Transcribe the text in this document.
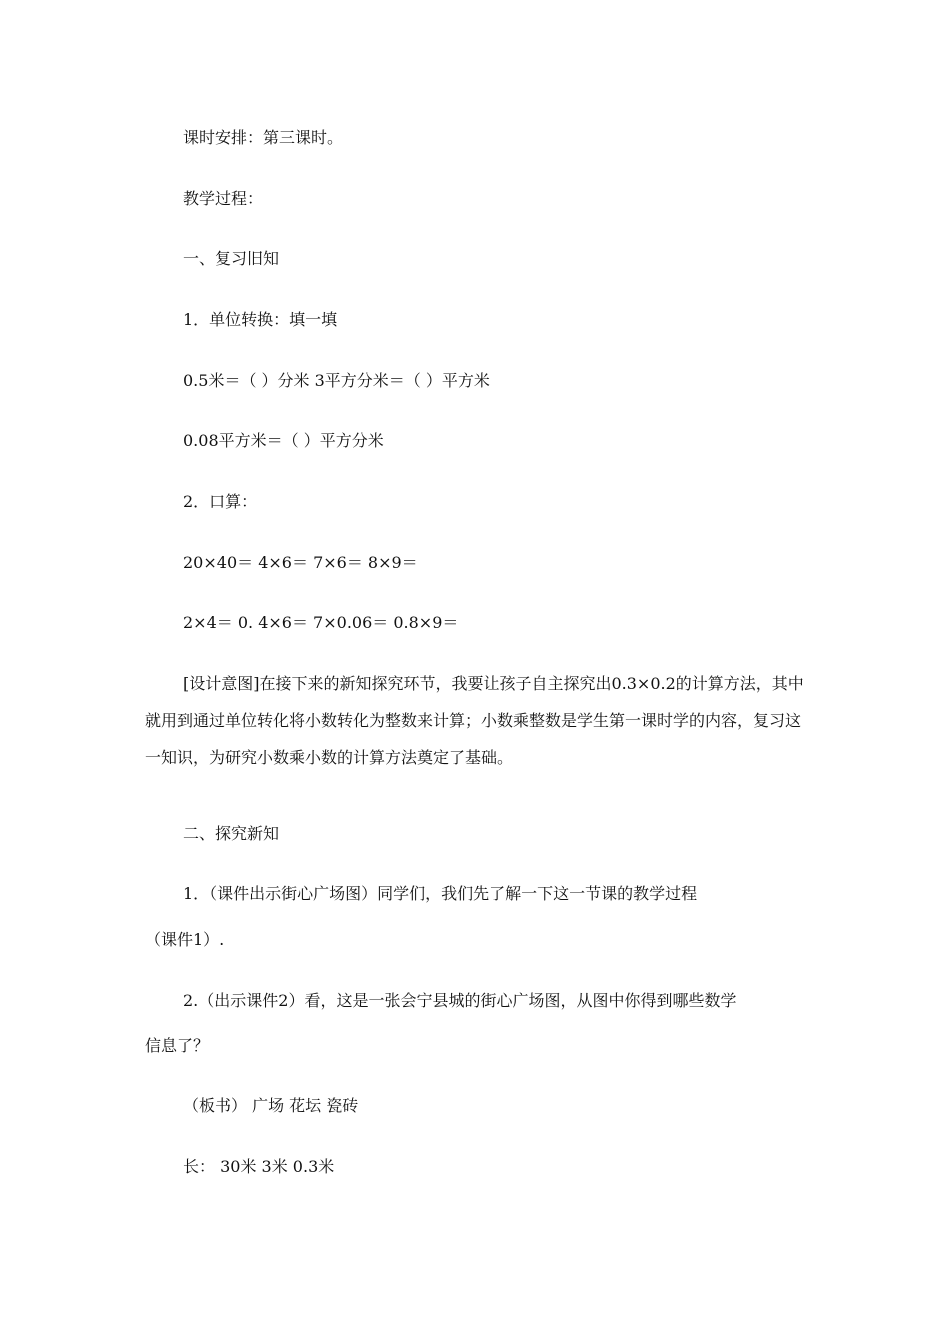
课时安排：第三课时。
教学过程：
一、复习旧知
1．单位转换：填一填
0.5米＝（ ）分米 3平方分米＝（ ）平方米
0.08平方米＝（ ）平方分米
2．口算：
20×40＝ 4×6＝ 7×6＝ 8×9＝
2×4＝ 0. 4×6＝ 7×0.06＝ 0.8×9＝
[设计意图]在接下来的新知探究环节，我要让孩子自主探究出0.3×0.2的计算方法，其中就用到通过单位转化将小数转化为整数来计算；小数乘整数是学生第一课时学的内容，复习这一知识，为研究小数乘小数的计算方法奠定了基础。
二、探究新知
1．（课件出示街心广场图）同学们，我们先了解一下这一节课的教学过程
（课件1）.
2.（出示课件2）看，这是一张会宁县城的街心广场图，从图中你得到哪些数学
信息了？
（板书） 广场 花坛 瓷砖
长： 30米 3米 0.3米
